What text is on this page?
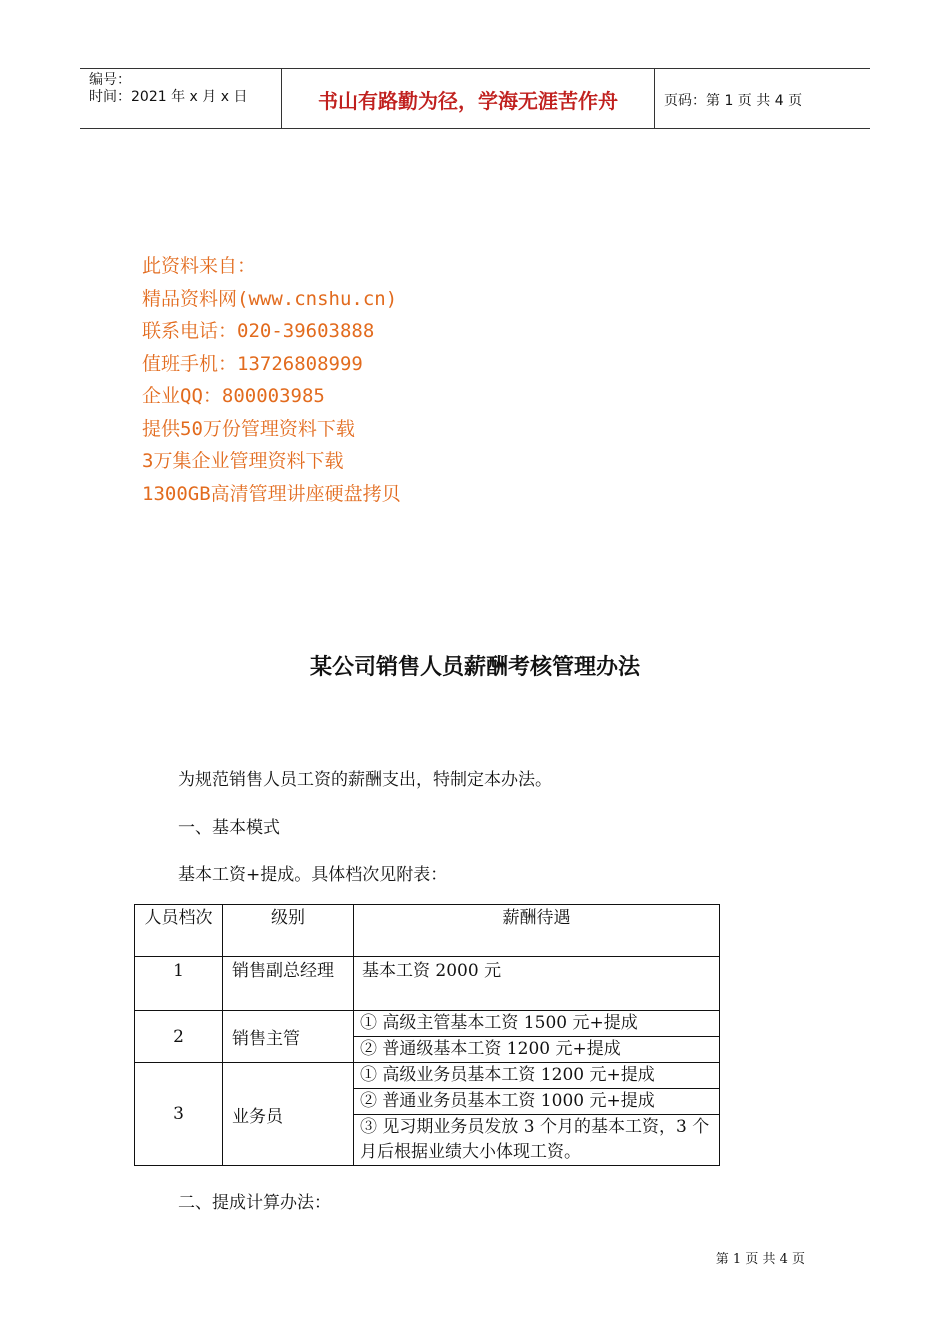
编号：
时间：2021 年 x 月 x 日	书山有路勤为径，学海无涯苦作舟	页码：第 1 页 共 4 页
此资料来自：
精品资料网(www.cnshu.cn)
联系电话：020-39603888
值班手机：13726808999
企业QQ：800003985
提供50万份管理资料下载
3万集企业管理资料下载
1300GB高清管理讲座硬盘拷贝
某公司销售人员薪酬考核管理办法
为规范销售人员工资的薪酬支出，特制定本办法。
一、基本模式
基本工资+提成。具体档次见附表：
人员档次	级别	薪酬待遇

1	销售副总经理	基本工资 2000 元
2	销售主管	① 高级主管基本工资 1500 元+提成

		② 普通级基本工资 1200 元+提成

3	业务员	① 高级业务员基本工资 1200 元+提成

		② 普通业务员基本工资 1000 元+提成

		③ 见习期业务员发放 3 个月的基本工资，3 个月后根据业绩大小体现工资。
二、提成计算办法：
第 1 页 共 4 页
